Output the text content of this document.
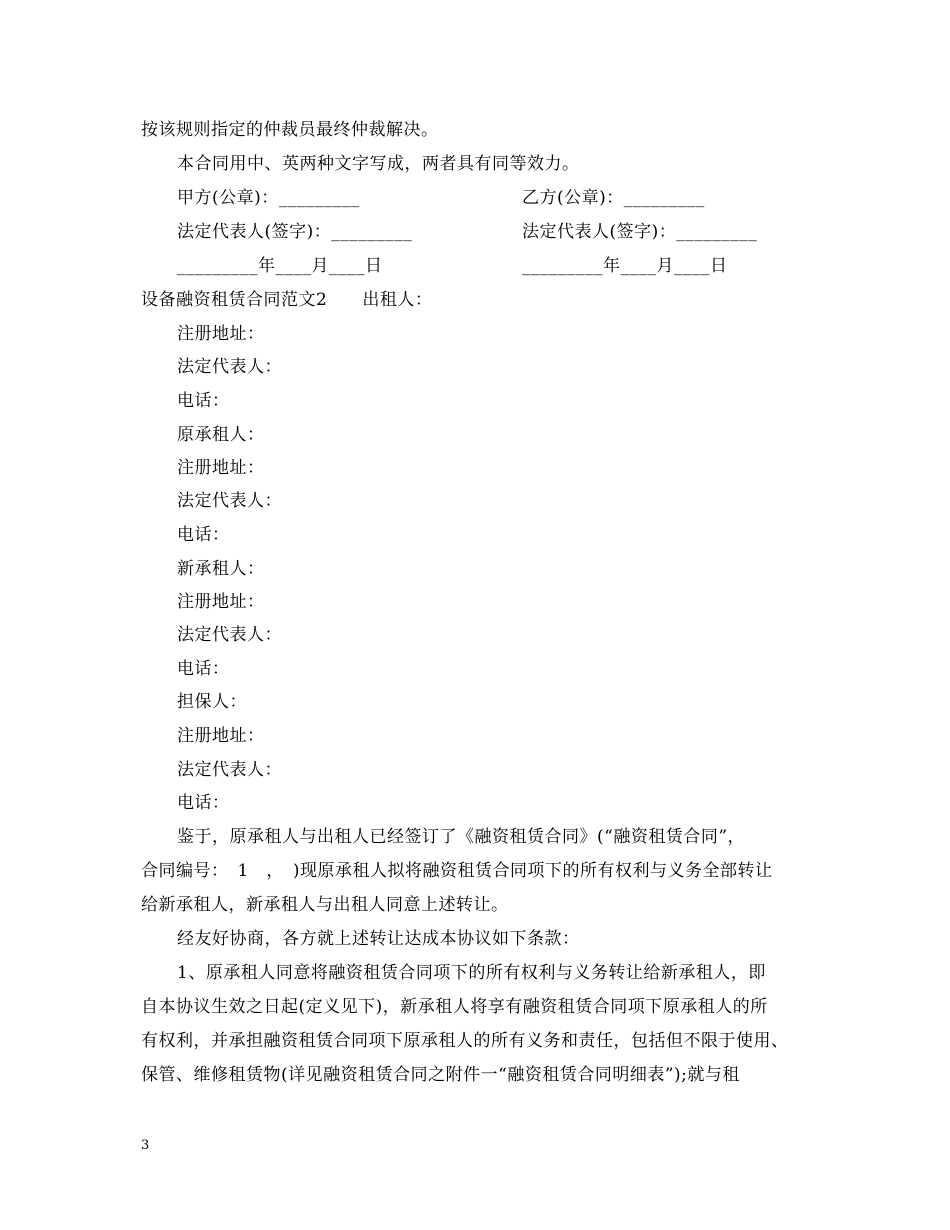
按该规则指定的仲裁员最终仲裁解决。
本合同用中、英两种文字写成，两者具有同等效力。
甲方(公章)：_________	乙方(公章)：_________
法定代表人(签字)：_________	法定代表人(签字)：_________
_________年____月____日	_________年____月____日
设备融资租赁合同范文2　　出租人：
注册地址：
法定代表人：
电话：
原承租人：
注册地址：
法定代表人：
电话：
新承租人：
注册地址：
法定代表人：
电话：
担保人：
注册地址：
法定代表人：
电话：
鉴于，原承租人与出租人已经签订了《融资租赁合同》(“融资租赁合同”，
合同编号：　1　，　)现原承租人拟将融资租赁合同项下的所有权利与义务全部转让
给新承租人，新承租人与出租人同意上述转让。
经友好协商，各方就上述转让达成本协议如下条款：
1、原承租人同意将融资租赁合同项下的所有权利与义务转让给新承租人，即
自本协议生效之日起(定义见下)，新承租人将享有融资租赁合同项下原承租人的所
有权利，并承担融资租赁合同项下原承租人的所有义务和责任，包括但不限于使用、
保管、维修租赁物(详见融资租赁合同之附件一“融资租赁合同明细表”);就与租
3
